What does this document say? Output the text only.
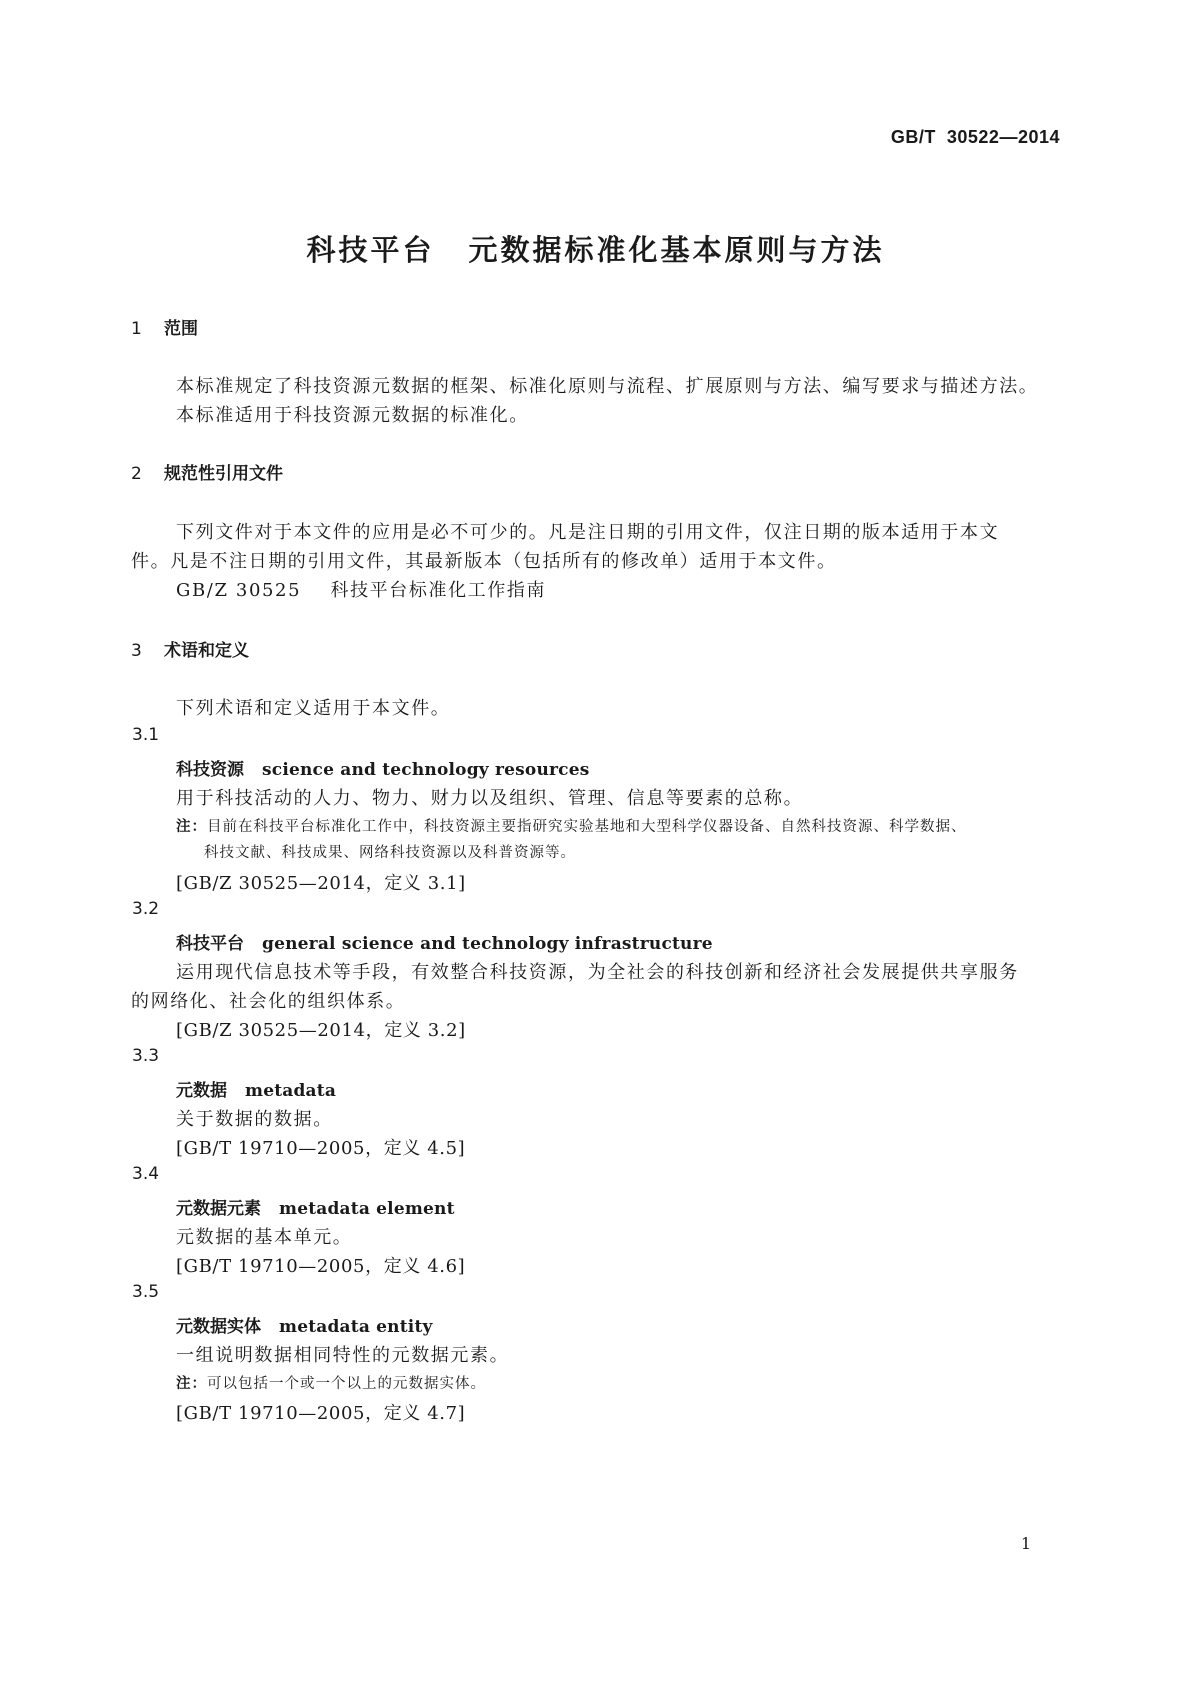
GB/T 30522—2014
科技平台 元数据标准化基本原则与方法
1 范围
本标准规定了科技资源元数据的框架、标准化原则与流程、扩展原则与方法、编写要求与描述方法。
本标准适用于科技资源元数据的标准化。
2 规范性引用文件
下列文件对于本文件的应用是必不可少的。凡是注日期的引用文件，仅注日期的版本适用于本文
件。凡是不注日期的引用文件，其最新版本（包括所有的修改单）适用于本文件。
GB/Z 30525 科技平台标准化工作指南
3 术语和定义
下列术语和定义适用于本文件。
3.1
科技资源 science and technology resources
用于科技活动的人力、物力、财力以及组织、管理、信息等要素的总称。
注：目前在科技平台标准化工作中，科技资源主要指研究实验基地和大型科学仪器设备、自然科技资源、科学数据、
科技文献、科技成果、网络科技资源以及科普资源等。
[GB/Z 30525—2014，定义 3.1]
3.2
科技平台 general science and technology infrastructure
运用现代信息技术等手段，有效整合科技资源，为全社会的科技创新和经济社会发展提供共享服务
的网络化、社会化的组织体系。
[GB/Z 30525—2014，定义 3.2]
3.3
元数据 metadata
关于数据的数据。
[GB/T 19710—2005，定义 4.5]
3.4
元数据元素 metadata element
元数据的基本单元。
[GB/T 19710—2005，定义 4.6]
3.5
元数据实体 metadata entity
一组说明数据相同特性的元数据元素。
注：可以包括一个或一个以上的元数据实体。
[GB/T 19710—2005，定义 4.7]
1
